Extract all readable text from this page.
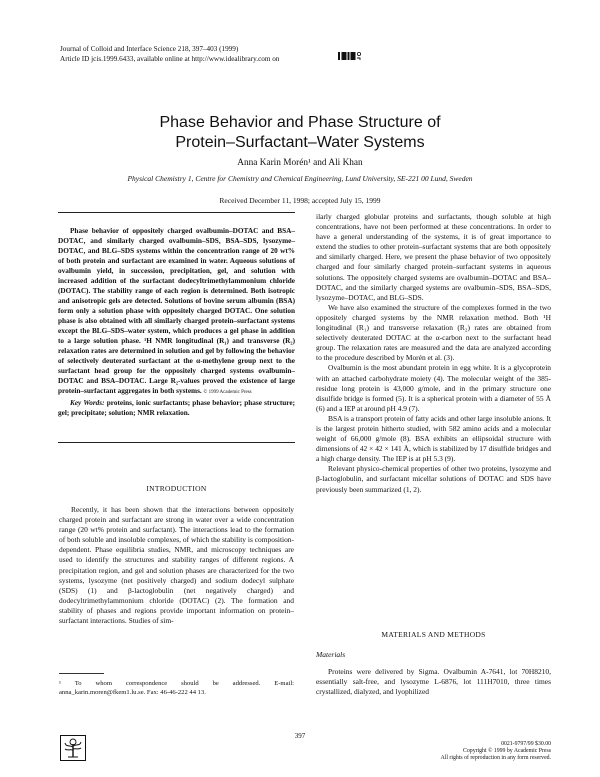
Journal of Colloid and Interface Science 218, 397–403 (1999)
Article ID jcis.1999.6433, available online at http://www.idealibrary.com on
Phase Behavior and Phase Structure of
Protein–Surfactant–Water Systems
Anna Karin Morén¹ and Ali Khan
Physical Chemistry 1, Centre for Chemistry and Chemical Engineering, Lund University, SE-221 00 Lund, Sweden
Received December 11, 1998; accepted July 15, 1999
Phase behavior of oppositely charged ovalbumin–DOTAC and BSA–DOTAC, and similarly charged ovalbumin–SDS, BSA–SDS, lysozyme–DOTAC, and BLG–SDS systems within the concentration range of 20 wt% of both protein and surfactant are examined in water. Aqueous solutions of ovalbumin yield, in succession, precipitation, gel, and solution with increased addition of the surfactant dodecyltrimethylammonium chloride (DOTAC). The stability range of each region is determined. Both isotropic and anisotropic gels are detected. Solutions of bovine serum albumin (BSA) form only a solution phase with oppositely charged DOTAC. One solution phase is also obtained with all similarly charged protein–surfactant systems except the BLG–SDS–water system, which produces a gel phase in addition to a large solution phase. ¹H NMR longitudinal (R₁) and transverse (R₂) relaxation rates are determined in solution and gel by following the behavior of selectively deuterated surfactant at the α-methylene group next to the surfactant head group for the oppositely charged systems ovalbumin–DOTAC and BSA–DOTAC. Large R₂-values proved the existence of large protein–surfactant aggregates in both systems. © 1999 Academic Press
Key Words: proteins, ionic surfactants; phase behavior; phase structure; gel; precipitate; solution; NMR relaxation.
INTRODUCTION

Recently, it has been shown that the interactions between oppositely charged protein and surfactant are strong in water over a wide concentration range (20 wt% protein and surfactant). The interactions lead to the formation of both soluble and insoluble complexes, of which the stability is composition-dependent. Phase equilibria studies, NMR, and microscopy techniques are used to identify the structures and stability ranges of different regions. A precipitation region, and gel and solution phases are characterized for the two systems, lysozyme (net positively charged) and sodium dodecyl sulphate (SDS) (1) and β-lactoglobulin (net negatively charged) and dodecyltrimethylammonium chloride (DOTAC) (2). The formation and stability of phases and regions provide important information on protein–surfactant interactions. Studies of sim-

¹ To whom correspondence should be addressed. E-mail: anna_karin.moren@fkem1.lu.se. Fax: 46-46-222 44 13.

ilarly charged globular proteins and surfactants, though soluble at high concentrations, have not been performed at these concentrations. In order to have a general understanding of the systems, it is of great importance to extend the studies to other protein–surfactant systems that are both oppositely and similarly charged. Here, we present the phase behavior of two oppositely charged and four similarly charged protein–surfactant systems in aqueous solutions. The oppositely charged systems are ovalbumin–DOTAC and BSA–DOTAC, and the similarly charged systems are ovalbumin–SDS, BSA–SDS, lysozyme–DOTAC, and BLG–SDS.

We have also examined the structure of the complexes formed in the two oppositely charged systems by the NMR relaxation method. Both ¹H longitudinal (R₁) and transverse relaxation (R₂) rates are obtained from selectively deuterated DOTAC at the α-carbon next to the surfactant head group. The relaxation rates are measured and the data are analyzed according to the procedure described by Morén et al. (3).

Ovalbumin is the most abundant protein in egg white. It is a glycoprotein with an attached carbohydrate moiety (4). The molecular weight of the 385-residue long protein is 43,000 g/mole, and in the primary structure one disulfide bridge is formed (5). It is a spherical protein with a diameter of 55 Å (6) and a IEP at around pH 4.9 (7).

BSA is a transport protein of fatty acids and other large insoluble anions. It is the largest protein hitherto studied, with 582 amino acids and a molecular weight of 66,000 g/mole (8). BSA exhibits an ellipsoidal structure with dimensions of 42 × 42 × 141 Å, which is stabilized by 17 disulfide bridges and a high charge density. The IEP is at pH 5.3 (9).

Relevant physico-chemical properties of other two proteins, lysozyme and β-lactoglobulin, and surfactant micellar solutions of DOTAC and SDS have previously been summarized (1, 2).

MATERIALS AND METHODS
Materials

Proteins were delivered by Sigma. Ovalbumin A-7641, lot 70H8210, essentially salt-free, and lysozyme L-6876, lot 111H7010, three times crystallized, dialyzed, and lyophilized

397
0021-9797/99 $30.00
Copyright © 1999 by Academic Press
All rights of reproduction in any form reserved.
